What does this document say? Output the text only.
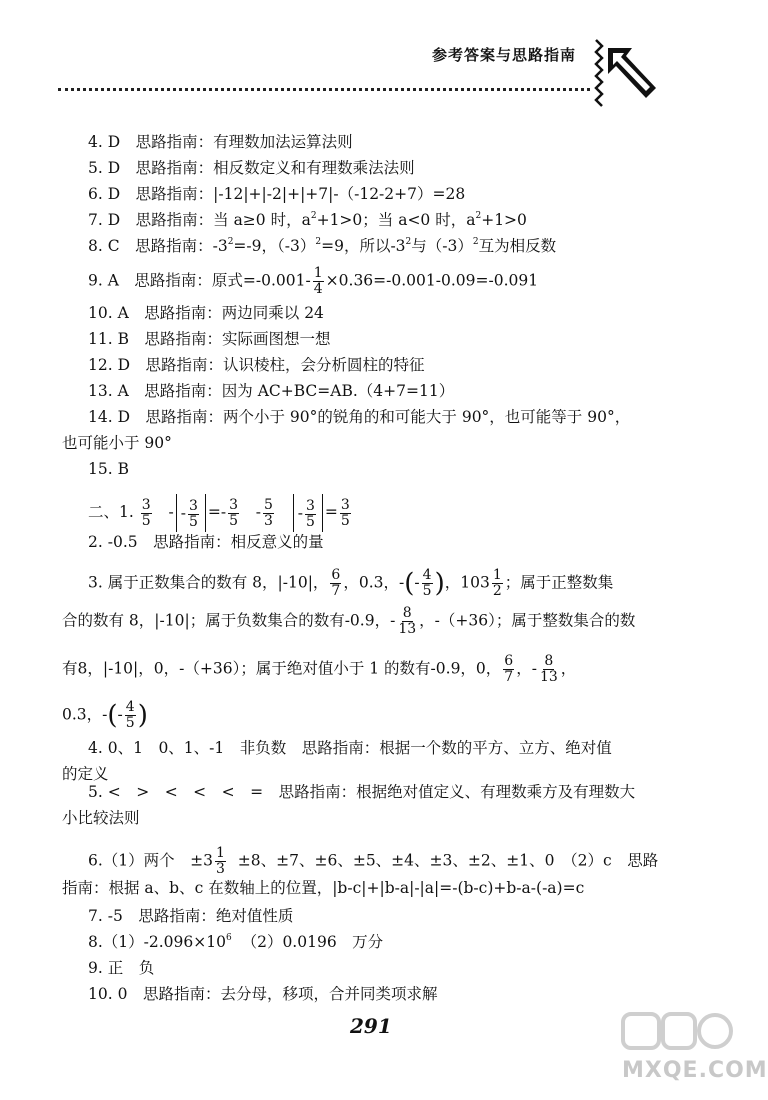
参考答案与思路指南
4. D　思路指南：有理数加法运算法则
5. D　思路指南：相反数定义和有理数乘法法则
6. D　思路指南：|-12|+|-2|+|+7|-（-12-2+7）=28
7. D　思路指南：当 a≥0 时，$a^2+1>0$；当 a<0 时，$a^2+1>0$
8. C　思路指南：$-3^2=-9$，$(-3)^2=9$，所以$-3^2$与$(-3)^2$互为相反数
9. A　思路指南：原式$=-0.001- \frac{1}{4} \times 0.36=-0.001-0.09=-0.091$
10. A　思路指南：两边同乘以 24
11. B　思路指南：实际画图想一想
12. D　思路指南：认识棱柱，会分析圆柱的特征
13. A　思路指南：因为 AC+BC=AB.（4+7=11）
14. D　思路指南：两个小于 90°的锐角的和可能大于 90°，也可能等于 90°，
也可能小于 90°
15. B
二、1. $\frac{3}{5}$ - - $\frac{3}{5} =- \frac{3}{5} - \frac{5}{3} - \frac{3}{5} = \frac{3}{5}$
2. -0.5　思路指南：相反意义的量
3. 属于正数集合的数有 8，|-10|， $\frac{6}{7}$ ，0.3，-(- $\frac{4}{5}$ )，$103 \frac{1}{2}$ ；属于正整数集
合的数有 8，|-10|；属于负数集合的数有-0.9，- $\frac{8}{13}$ ，-（+36）；属于整数集合的数
有8，|-10|，0，-（+36）；属于绝对值小于 1 的数有-0.9，0， $\frac{6}{7}$ ，- $\frac{8}{13}$ ，
0.3，-(- $\frac{4}{5}$ )
4. 0、1　0、1、-1　非负数　思路指南：根据一个数的平方、立方、绝对值
的定义
5. <　>　<　<　<　=　思路指南：根据绝对值定义、有理数乘方及有理数大
小比较法则
6.（1）两个　$\pm 3 \frac{1}{3} \pm 8$、±7、±6、±5、±4、±3、±2、±1、0　（2）c　思路
指南：根据 a、b、c 在数轴上的位置，|b-c|+|b-a|-|a|=-(b-c)+b-a-(-a)=c
7. -5　思路指南：绝对值性质
$8.(1)-2.096\times 10^6$ （2）0.0196　万分
9. 正　负
10. 0　思路指南：去分母，移项，合并同类项求解
291
MXQE.COM
